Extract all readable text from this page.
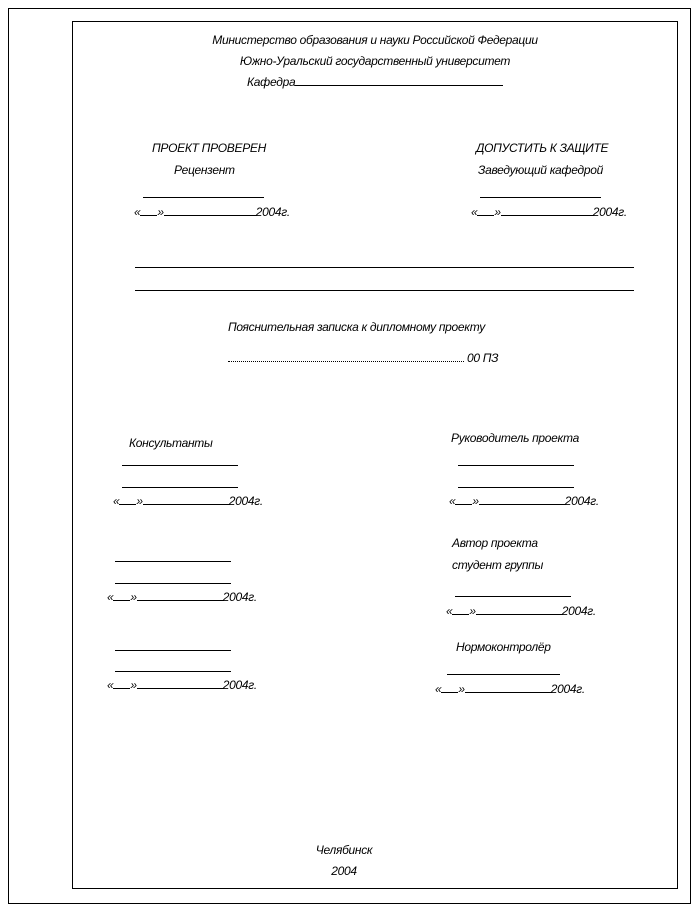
Министерство образования и науки Российской Федерации
Южно-Уральский государственный университет
Кафедра
ПРОЕКТ ПРОВЕРЕН
Рецензент
« »	2004г.
ДОПУСТИТЬ К ЗАЩИТЕ
Заведующий кафедрой
« »	2004г.
Пояснительная записка к дипломному проекту
00 ПЗ
Консультанты
« »	2004г.
« »	2004г.
« »	2004г.
Руководитель проекта
« »	2004г.
Автор проекта
студент группы
« »	2004г.
Нормоконтролёр
« »	2004г.
Челябинск
2004
